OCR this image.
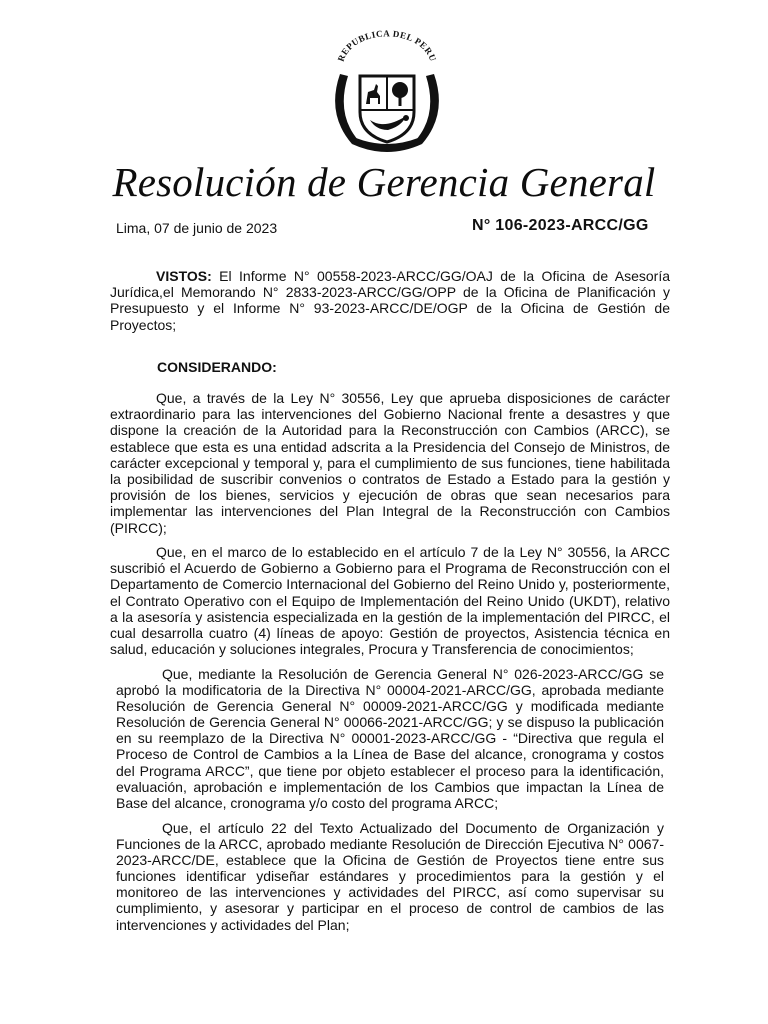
REPUBLICA DEL PERU
Resolución de Gerencia General
Lima, 07 de junio de 2023	N° 106-2023-ARCC/GG

VISTOS: El Informe N° 00558-2023-ARCC/GG/OAJ de la Oficina de Asesoría Jurídica,el Memorando N° 2833-2023-ARCC/GG/OPP de la Oficina de Planificación y Presupuesto y el Informe N° 93-2023-ARCC/DE/OGP de la Oficina de Gestión de Proyectos;

CONSIDERANDO:

Que, a través de la Ley N° 30556, Ley que aprueba disposiciones de carácter extraordinario para las intervenciones del Gobierno Nacional frente a desastres y que dispone la creación de la Autoridad para la Reconstrucción con Cambios (ARCC), se establece que esta es una entidad adscrita a la Presidencia del Consejo de Ministros, de carácter excepcional y temporal y, para el cumplimiento de sus funciones, tiene habilitada la posibilidad de suscribir convenios o contratos de Estado a Estado para la gestión y provisión de los bienes, servicios y ejecución de obras que sean necesarios para implementar las intervenciones del Plan Integral de la Reconstrucción con Cambios (PIRCC);

Que, en el marco de lo establecido en el artículo 7 de la Ley N° 30556, la ARCC suscribió el Acuerdo de Gobierno a Gobierno para el Programa de Reconstrucción con el Departamento de Comercio Internacional del Gobierno del Reino Unido y, posteriormente, el Contrato Operativo con el Equipo de Implementación del Reino Unido (UKDT), relativo a la asesoría y asistencia especializada en la gestión de la implementación del PIRCC, el cual desarrolla cuatro (4) líneas de apoyo: Gestión de proyectos, Asistencia técnica en salud, educación y soluciones integrales, Procura y Transferencia de conocimientos;

Que, mediante la Resolución de Gerencia General N° 026-2023-ARCC/GG se aprobó la modificatoria de la Directiva N° 00004-2021-ARCC/GG, aprobada mediante Resolución de Gerencia General N° 00009-2021-ARCC/GG y modificada mediante Resolución de Gerencia General N° 00066-2021-ARCC/GG; y se dispuso la publicación en su reemplazo de la Directiva N° 00001-2023-ARCC/GG - “Directiva que regula el Proceso de Control de Cambios a la Línea de Base del alcance, cronograma y costos del Programa ARCC”, que tiene por objeto establecer el proceso para la identificación, evaluación, aprobación e implementación de los Cambios que impactan la Línea de Base del alcance, cronograma y/o costo del programa ARCC;

Que, el artículo 22 del Texto Actualizado del Documento de Organización y Funciones de la ARCC, aprobado mediante Resolución de Dirección Ejecutiva N° 0067-2023-ARCC/DE, establece que la Oficina de Gestión de Proyectos tiene entre sus funciones identificar ydiseñar estándares y procedimientos para la gestión y el monitoreo de las intervenciones y actividades del PIRCC, así como supervisar su cumplimiento, y asesorar y participar en el proceso de control de cambios de las intervenciones y actividades del Plan;
